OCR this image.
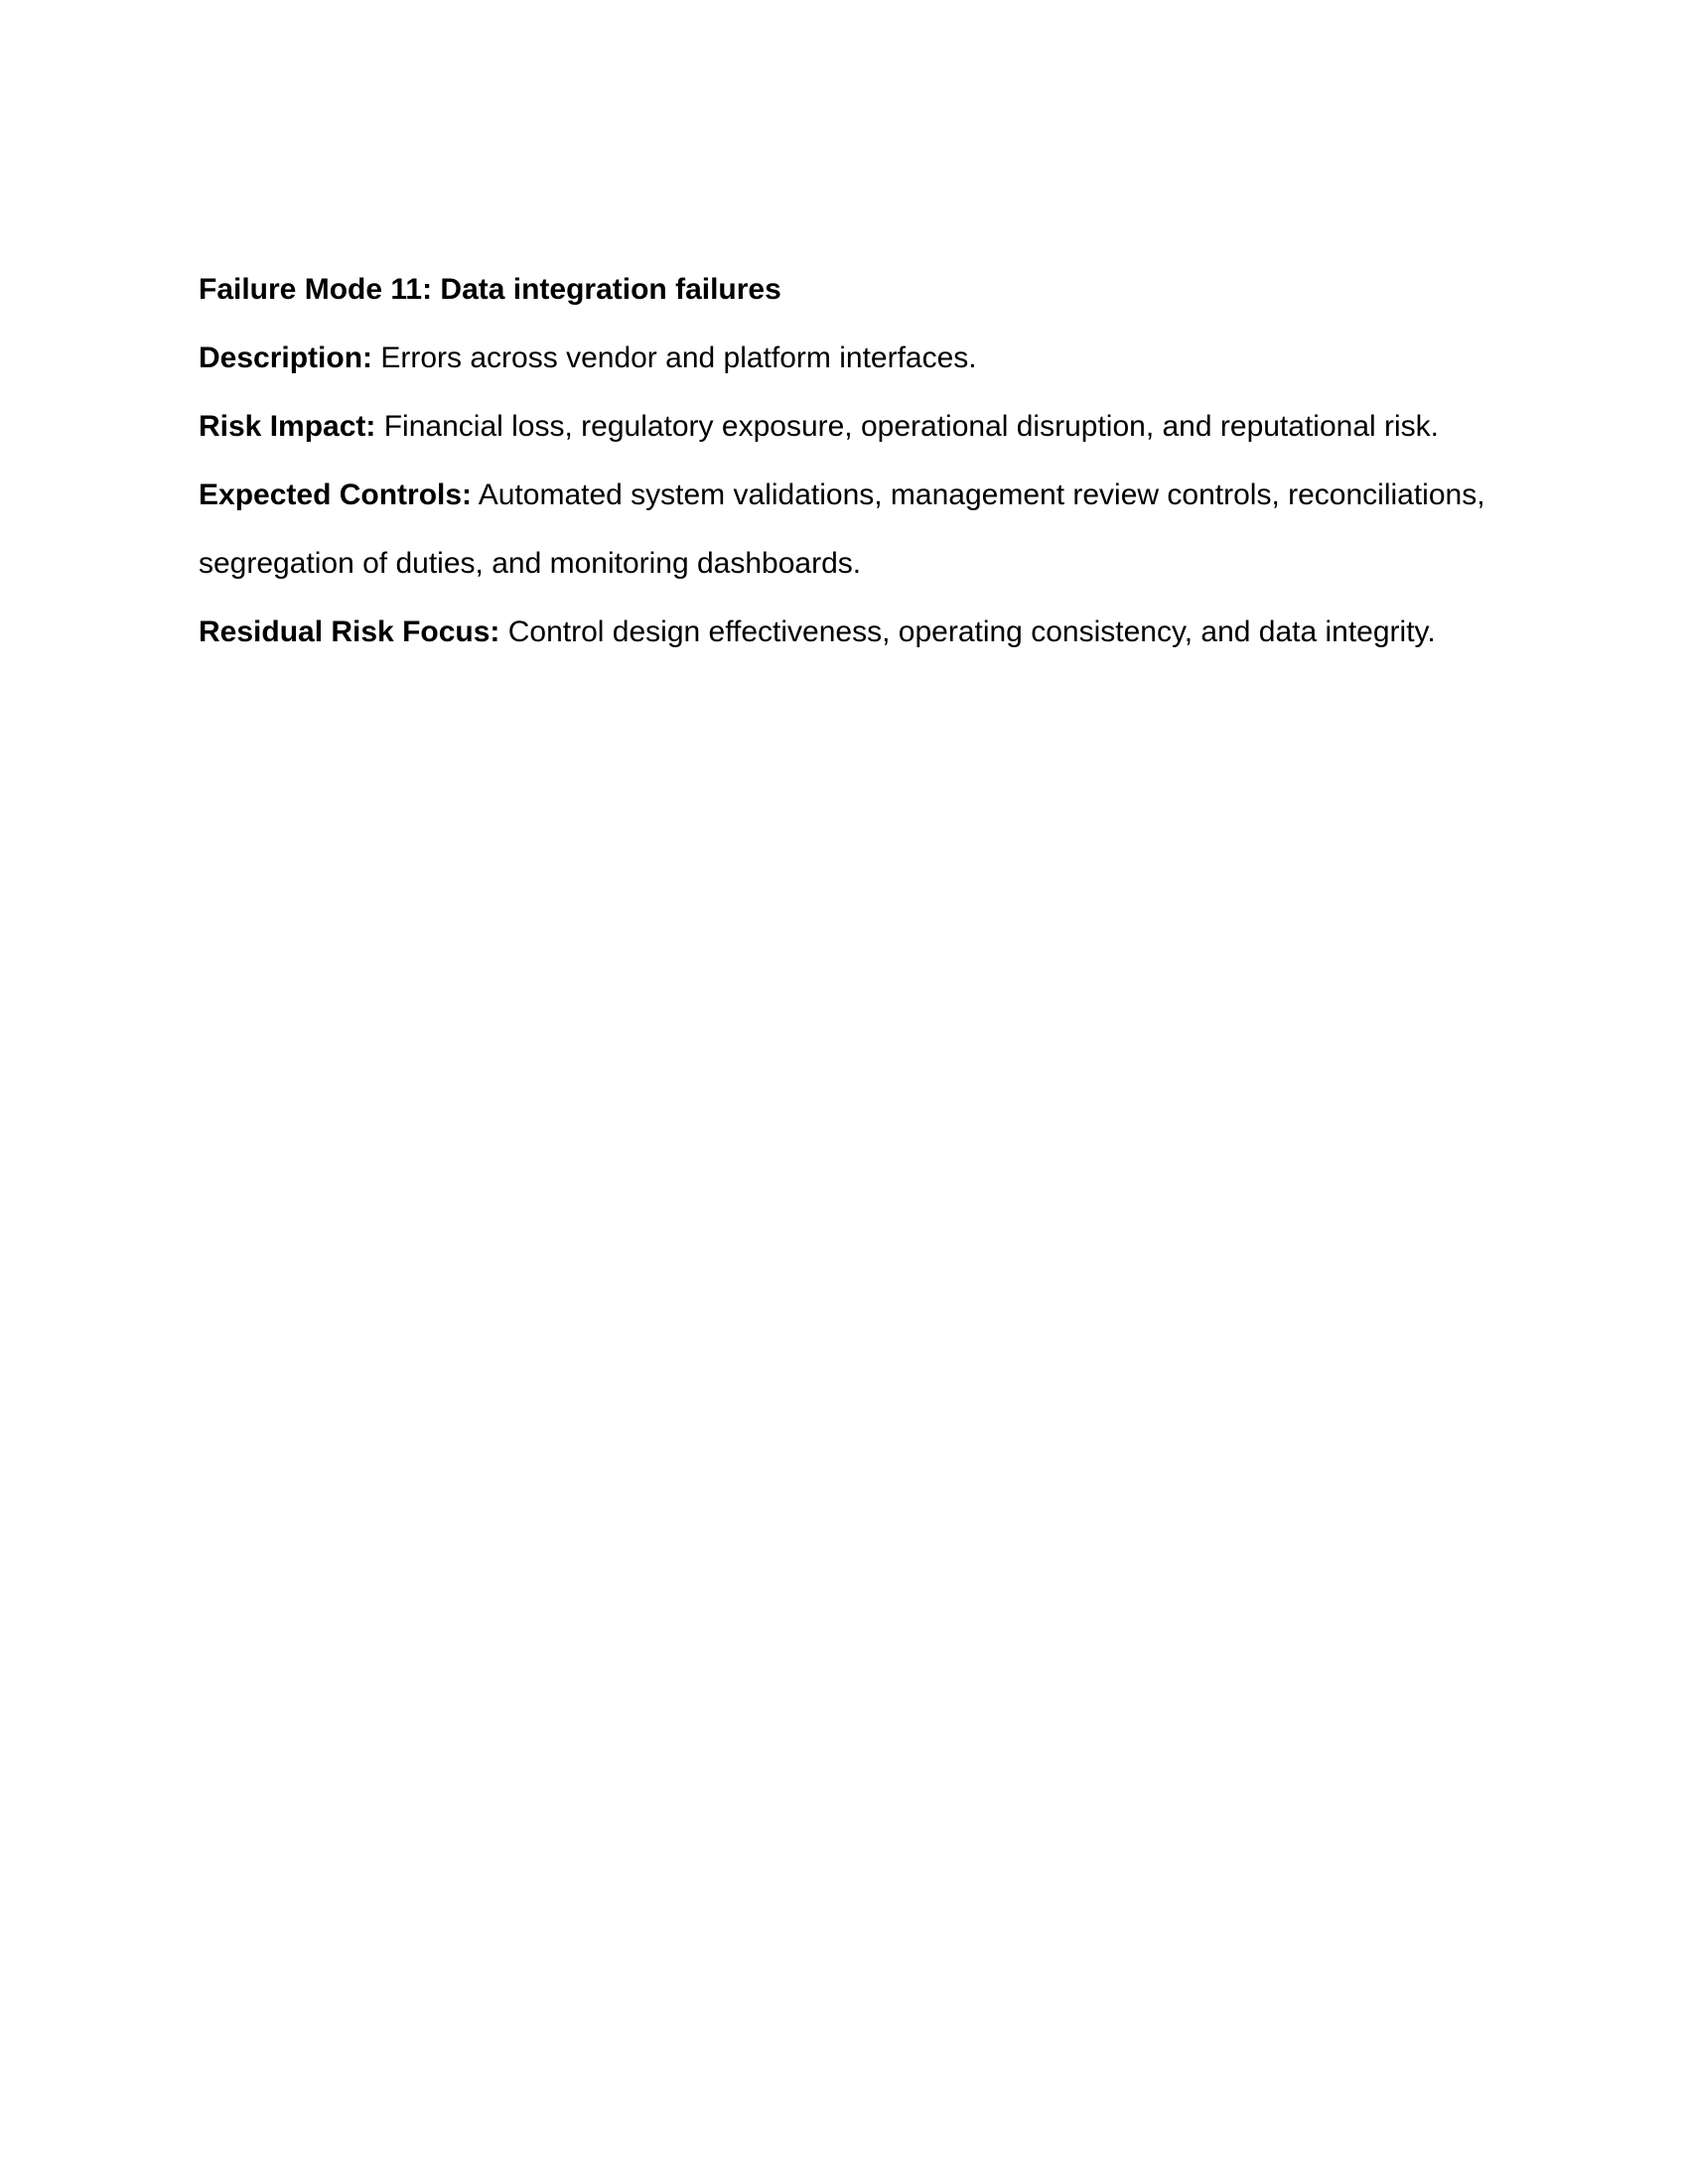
Failure Mode 11: Data integration failures

Description: Errors across vendor and platform interfaces.

Risk Impact: Financial loss, regulatory exposure, operational disruption, and reputational risk.

Expected Controls: Automated system validations, management review controls, reconciliations,

segregation of duties, and monitoring dashboards.

Residual Risk Focus: Control design effectiveness, operating consistency, and data integrity.
